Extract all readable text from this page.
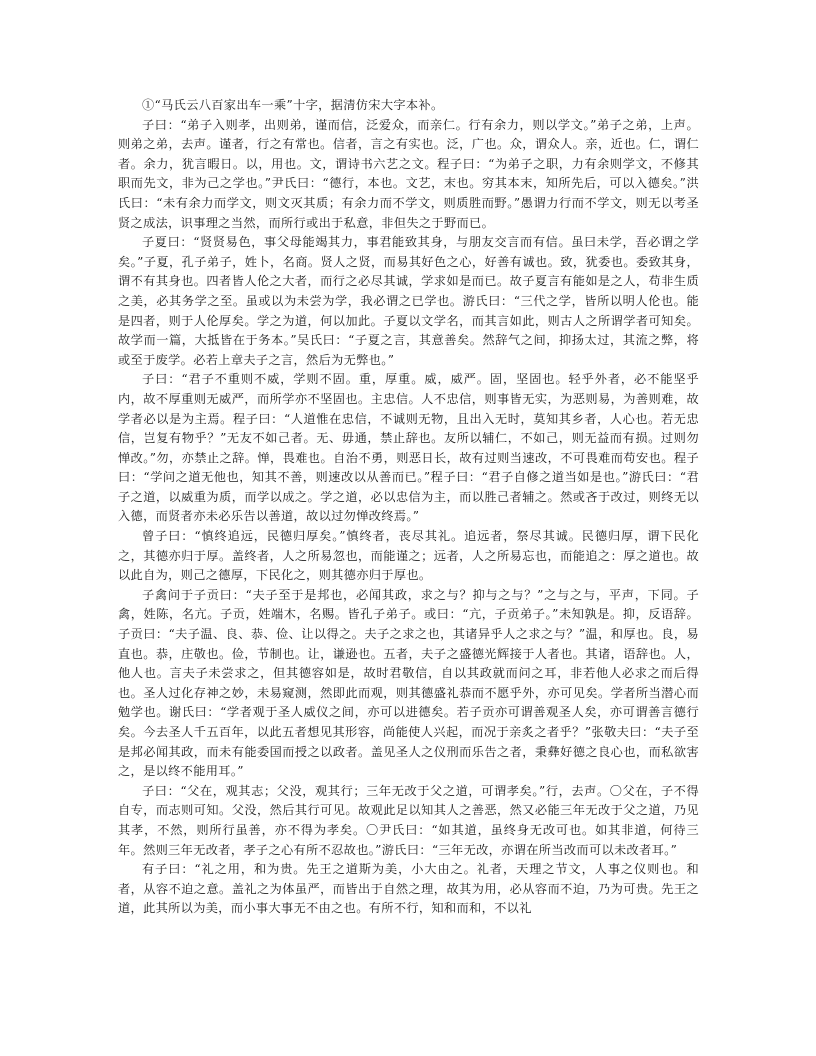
①“马氏云八百家出车一乘”十字，据清仿宋大字本补。

子曰：“弟子入则孝，出则弟，谨而信，泛爱众，而亲仁。行有余力，则以学文。”弟子之弟，上声。则弟之弟，去声。谨者，行之有常也。信者，言之有实也。泛，广也。众，谓众人。亲，近也。仁，谓仁者。余力，犹言暇日。以，用也。文，谓诗书六艺之文。程子曰：“为弟子之职，力有余则学文，不修其职而先文，非为己之学也。”尹氏曰：“德行，本也。文艺，末也。穷其本末，知所先后，可以入德矣。”洪氏曰：“未有余力而学文，则文灭其质；有余力而不学文，则质胜而野。”愚谓力行而不学文，则无以考圣贤之成法，识事理之当然，而所行或出于私意，非但失之于野而已。

子夏曰：“贤贤易色，事父母能竭其力，事君能致其身，与朋友交言而有信。虽曰未学，吾必谓之学矣。”子夏，孔子弟子，姓卜，名商。贤人之贤，而易其好色之心，好善有诚也。致，犹委也。委致其身，谓不有其身也。四者皆人伦之大者，而行之必尽其诚，学求如是而已。故子夏言有能如是之人，苟非生质之美，必其务学之至。虽或以为未尝为学，我必谓之已学也。游氏曰：“三代之学，皆所以明人伦也。能是四者，则于人伦厚矣。学之为道，何以加此。子夏以文学名，而其言如此，则古人之所谓学者可知矣。故学而一篇，大抵皆在于务本。”吴氏曰：“子夏之言，其意善矣。然辞气之间，抑扬太过，其流之弊，将或至于废学。必若上章夫子之言，然后为无弊也。”

子曰：“君子不重则不威，学则不固。重，厚重。威，威严。固，坚固也。轻乎外者，必不能坚乎内，故不厚重则无威严，而所学亦不坚固也。主忠信。人不忠信，则事皆无实，为恶则易，为善则难，故学者必以是为主焉。程子曰：“人道惟在忠信，不诚则无物，且出入无时，莫知其乡者，人心也。若无忠信，岂复有物乎？”无友不如己者。无、毋通，禁止辞也。友所以辅仁，不如己，则无益而有损。过则勿惮改。”勿，亦禁止之辞。惮，畏难也。自治不勇，则恶日长，故有过则当速改，不可畏难而苟安也。程子曰：“学问之道无他也，知其不善，则速改以从善而已。”程子曰：“君子自修之道当如是也。”游氏曰：“君子之道，以威重为质，而学以成之。学之道，必以忠信为主，而以胜己者辅之。然或吝于改过，则终无以入德，而贤者亦未必乐告以善道，故以过勿惮改终焉。”

曾子曰：“慎终追远，民德归厚矣。”慎终者，丧尽其礼。追远者，祭尽其诚。民德归厚，谓下民化之，其德亦归于厚。盖终者，人之所易忽也，而能谨之；远者，人之所易忘也，而能追之：厚之道也。故以此自为，则己之德厚，下民化之，则其德亦归于厚也。

子禽问于子贡曰：“夫子至于是邦也，必闻其政，求之与？抑与之与？”之与之与，平声，下同。子禽，姓陈，名亢。子贡，姓端木，名赐。皆孔子弟子。或曰：“亢，子贡弟子。”未知孰是。抑，反语辞。子贡曰：“夫子温、良、恭、俭、让以得之。夫子之求之也，其诸异乎人之求之与？”温，和厚也。良，易直也。恭，庄敬也。俭，节制也。让，谦逊也。五者，夫子之盛德光辉接于人者也。其诸，语辞也。人，他人也。言夫子未尝求之，但其德容如是，故时君敬信，自以其政就而问之耳，非若他人必求之而后得也。圣人过化存神之妙，未易窥测，然即此而观，则其德盛礼恭而不愿乎外，亦可见矣。学者所当潜心而勉学也。谢氏曰：“学者观于圣人威仪之间，亦可以进德矣。若子贡亦可谓善观圣人矣，亦可谓善言德行矣。今去圣人千五百年，以此五者想见其形容，尚能使人兴起，而况于亲炙之者乎？”张敬夫曰：“夫子至是邦必闻其政，而未有能委国而授之以政者。盖见圣人之仪刑而乐告之者，秉彝好德之良心也，而私欲害之，是以终不能用耳。”

子曰：“父在，观其志；父没，观其行；三年无改于父之道，可谓孝矣。”行，去声。〇父在，子不得自专，而志则可知。父没，然后其行可见。故观此足以知其人之善恶，然又必能三年无改于父之道，乃见其孝，不然，则所行虽善，亦不得为孝矣。〇尹氏曰：“如其道，虽终身无改可也。如其非道，何待三年。然则三年无改者，孝子之心有所不忍故也。”游氏曰：“三年无改，亦谓在所当改而可以未改者耳。”

有子曰：“礼之用，和为贵。先王之道斯为美，小大由之。礼者，天理之节文，人事之仪则也。和者，从容不迫之意。盖礼之为体虽严，而皆出于自然之理，故其为用，必从容而不迫，乃为可贵。先王之道，此其所以为美，而小事大事无不由之也。有所不行，知和而和，不以礼
